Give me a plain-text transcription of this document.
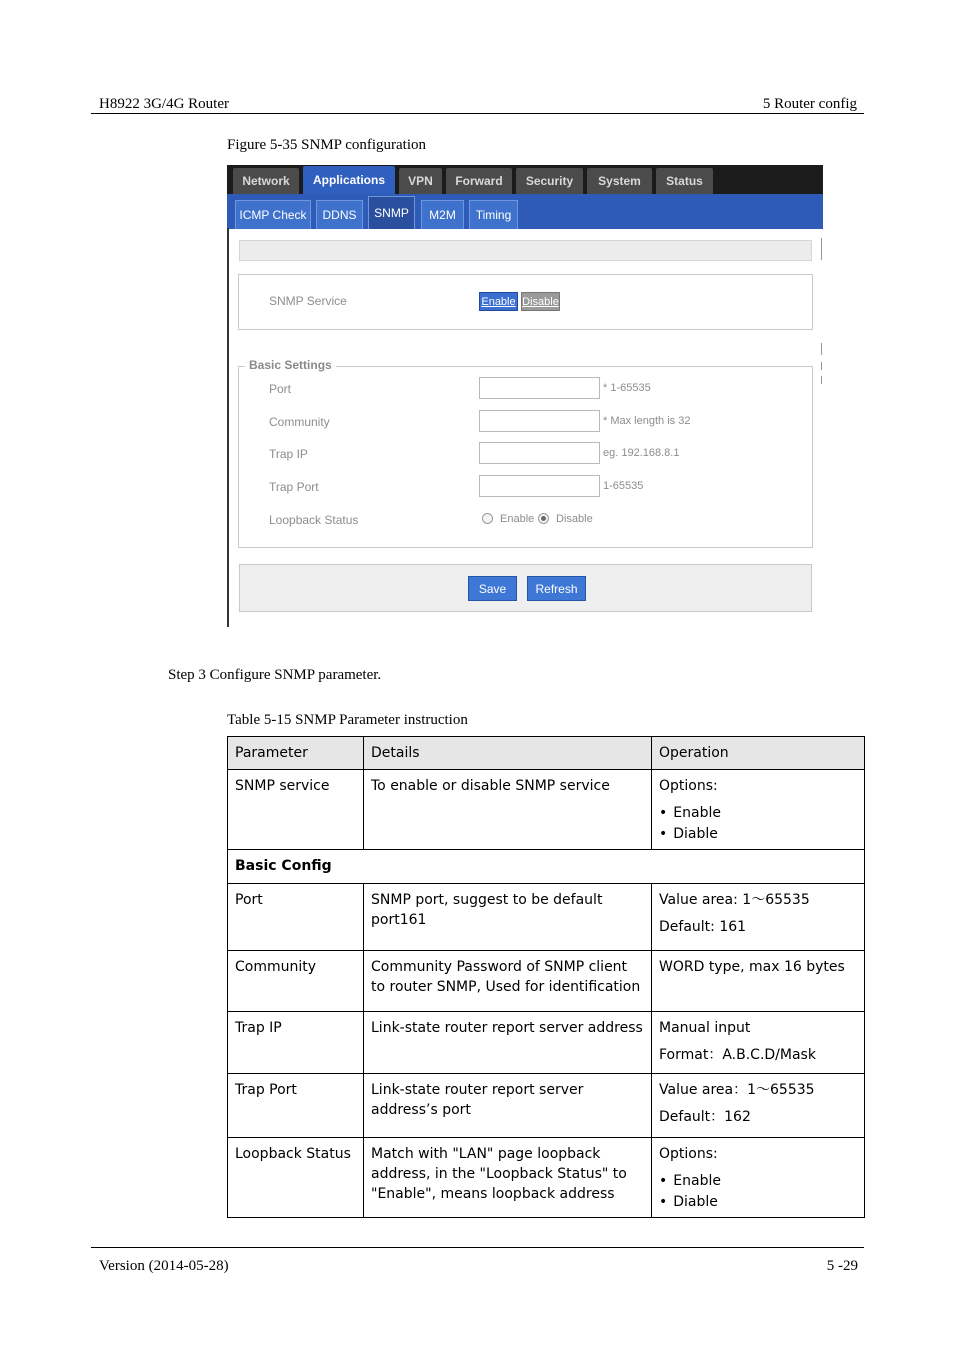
H8922 3G/4G Router	5 Router config
Figure 5-35 SNMP configuration
Network	Applications	VPN	Forward	Security	System	Status
ICMP Check	DDNS	SNMP	M2M	Timing
SNMP Service	Enable Disable
Basic Settings
Port	* 1-65535
Community	* Max length is 32
Trap IP	eg. 192.168.8.1
Trap Port	1-65535
Loopback Status	Enable Disable
Save	Refresh
Step 3 Configure SNMP parameter.
Table 5-15 SNMP Parameter instruction
Parameter	Details	Operation
SNMP service	To enable or disable SNMP service	Options:
• Enable
• Diable

Basic Config		
Port	SNMP port, suggest to be default port161	Value area: 1～65535
Default: 161

Community	Community Password of SNMP client to router SNMP, Used for identification	WORD type, max 16 bytes

Trap IP	Link-state router report server address	Manual input
Format：A.B.C.D/Mask

Trap Port	Link-state router report server address’s port	Value area：1～65535
Default：162

Loopback Status	Match with "LAN" page loopback address, in the "Loopback Status" to "Enable", means loopback address	Options:
• Enable
• Diable
Version (2014-05-28)	5 -29
